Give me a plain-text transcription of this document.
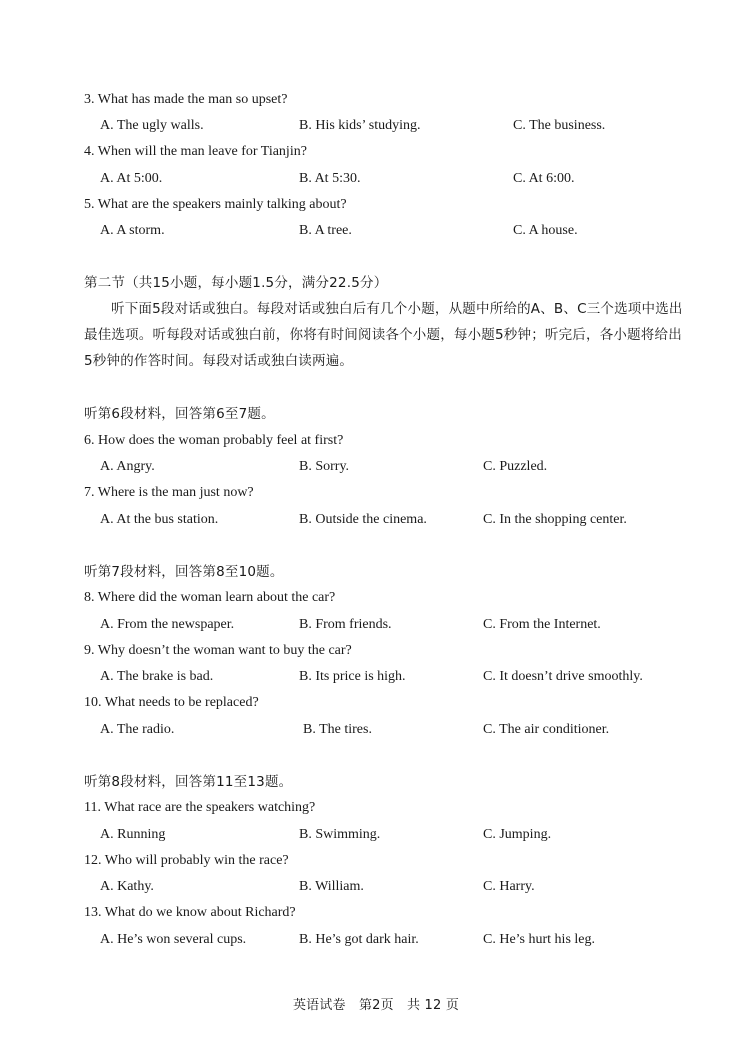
3. What has made the man so upset?
A. The ugly walls.	B. His kids’ studying.	C. The business.
4. When will the man leave for Tianjin?
A. At 5:00.	B. At 5:30.	C. At 6:00.
5. What are the speakers mainly talking about?
A. A storm.	B. A tree.	C. A house.
第二节（共15小题，每小题1.5分，满分22.5分）
听下面5段对话或独白。每段对话或独白后有几个小题，从题中所给的A、B、C三个选项中选出最佳选项。听每段对话或独白前，你将有时间阅读各个小题，每小题5秒钟；听完后，各小题将给出5秒钟的作答时间。每段对话或独白读两遍。
听第6段材料，回答第6至7题。
6. How does the woman probably feel at first?
A. Angry.	B. Sorry.	C. Puzzled.
7. Where is the man just now?
A. At the bus station.	B. Outside the cinema.	C. In the shopping center.
听第7段材料，回答第8至10题。
8. Where did the woman learn about the car?
A. From the newspaper.	B. From friends.	C. From the Internet.
9. Why doesn’t the woman want to buy the car?
A. The brake is bad.	B. Its price is high.	C. It doesn’t drive smoothly.
10. What needs to be replaced?
A. The radio.	B. The tires.	C. The air conditioner.
听第8段材料，回答第11至13题。
11. What race are the speakers watching?
A. Running	B. Swimming.	C. Jumping.
12. Who will probably win the race?
A. Kathy.	B. William.	C. Harry.
13. What do we know about Richard?
A. He’s won several cups.	B. He’s got dark hair.	C. He’s hurt his leg.
英语试卷　第2页　共 12 页
